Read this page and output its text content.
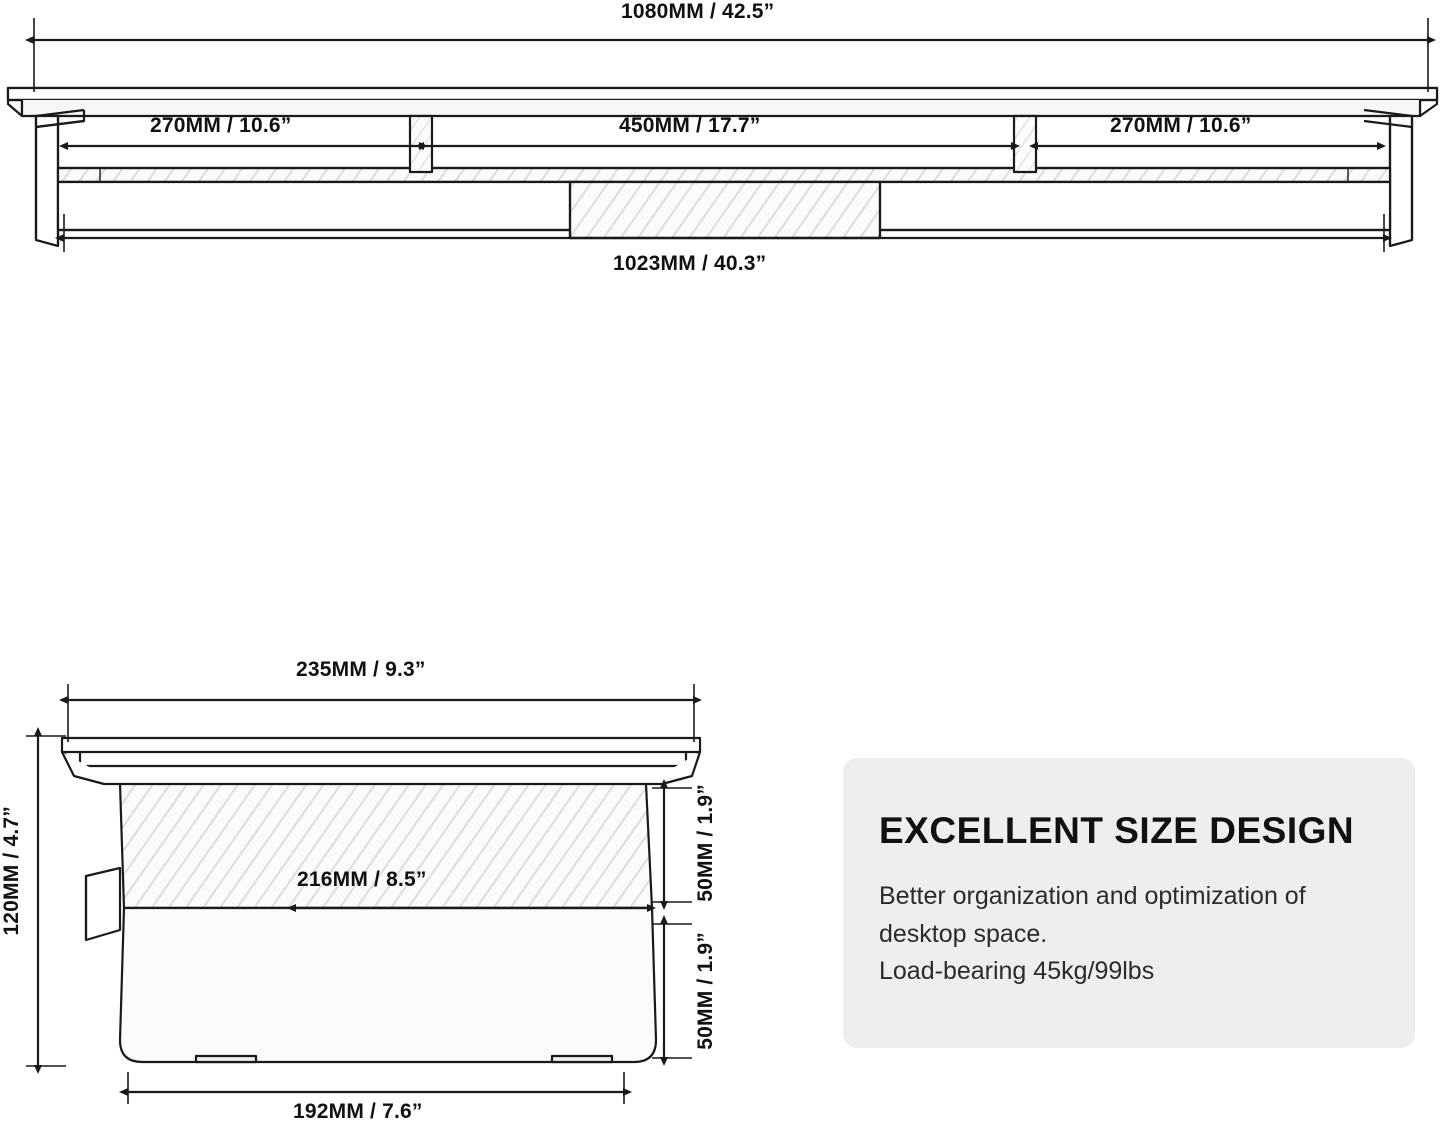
1080MM / 42.5”
270MM / 10.6”	450MM / 17.7”	270MM / 10.6”
1023MM / 40.3”
235MM / 9.3”
120MM / 4.7”	216MM / 8.5”	50MM / 1.9”
50MM / 1.9”
192MM / 7.6”
EXCELLENT SIZE DESIGN
Better organization and optimization of
desktop space.
Load-bearing 45kg/99lbs
